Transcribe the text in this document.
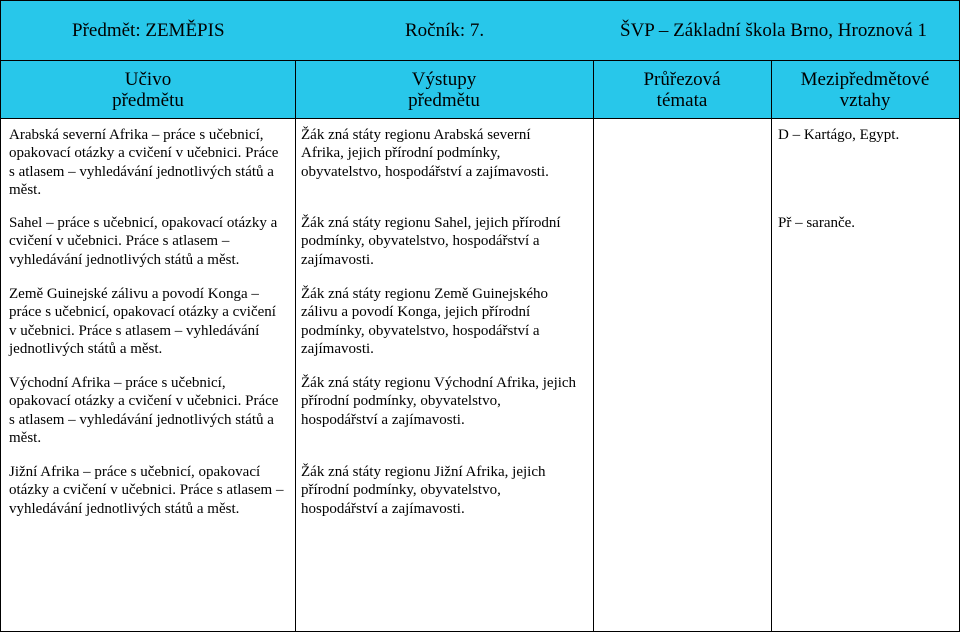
Předmět: ZEMĚPIS	Ročník: 7.	ŠVP – Základní škola Brno, Hroznová 1
Učivo
předmětu
Výstupy
předmětu
Průřezová
témata
Mezipředmětové
vztahy
Arabská severní Afrika – práce s učebnicí,
opakovací otázky a cvičení v učebnici. Práce
s atlasem – vyhledávání jednotlivých států a
měst.
Žák zná státy regionu Arabská severní
Afrika, jejich přírodní podmínky,
obyvatelstvo, hospodářství a zajímavosti.
D – Kartágo, Egypt.
Sahel – práce s učebnicí, opakovací otázky a
cvičení v učebnici. Práce s atlasem –
vyhledávání jednotlivých států a měst.
Žák zná státy regionu Sahel, jejich přírodní
podmínky, obyvatelstvo, hospodářství a
zajímavosti.
Př – saranče.
Země Guinejské zálivu a povodí Konga –
práce s učebnicí, opakovací otázky a cvičení
v učebnici. Práce s atlasem – vyhledávání
jednotlivých států a měst.
Žák zná státy regionu Země Guinejského
zálivu a povodí Konga, jejich přírodní
podmínky, obyvatelstvo, hospodářství a
zajímavosti.
Východní Afrika – práce s učebnicí,
opakovací otázky a cvičení v učebnici. Práce
s atlasem – vyhledávání jednotlivých států a
měst.
Žák zná státy regionu Východní Afrika, jejich
přírodní podmínky, obyvatelstvo,
hospodářství a zajímavosti.
Jižní Afrika – práce s učebnicí, opakovací
otázky a cvičení v učebnici. Práce s atlasem –
vyhledávání jednotlivých států a měst.
Žák zná státy regionu Jižní Afrika, jejich
přírodní podmínky, obyvatelstvo,
hospodářství a zajímavosti.
